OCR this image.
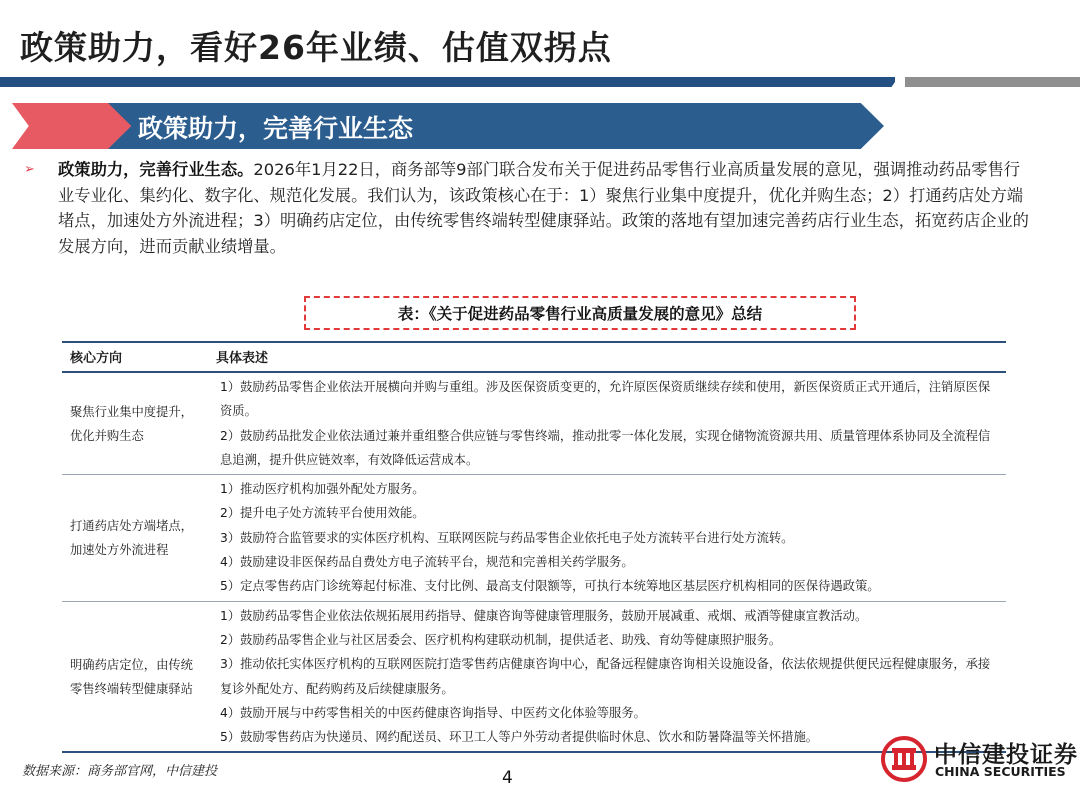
政策助力，看好26年业绩、估值双拐点
政策助力，完善行业生态
➢ 政策助力，完善行业生态。2026年1月22日，商务部等9部门联合发布关于促进药品零售行业高质量发展的意见，强调推动药品零售行业专业化、集约化、数字化、规范化发展。我们认为，该政策核心在于：1）聚焦行业集中度提升，优化并购生态；2）打通药店处方端堵点，加速处方外流进程；3）明确药店定位，由传统零售终端转型健康驿站。政策的落地有望加速完善药店行业生态，拓宽药店企业的发展方向，进而贡献业绩增量。
表：《关于促进药品零售行业高质量发展的意见》总结
核心方向	具体表述
聚焦行业集中度提升，优化并购生态	1）鼓励药品零售企业依法开展横向并购与重组。涉及医保资质变更的，允许原医保资质继续存续和使用，新医保资质正式开通后，注销原医保资质。
2）鼓励药品批发企业依法通过兼并重组整合供应链与零售终端，推动批零一体化发展，实现仓储物流资源共用、质量管理体系协同及全流程信息追溯，提升供应链效率，有效降低运营成本。

打通药店处方端堵点，加速处方外流进程	1）推动医疗机构加强外配处方服务。
2）提升电子处方流转平台使用效能。
3）鼓励符合监管要求的实体医疗机构、互联网医院与药品零售企业依托电子处方流转平台进行处方流转。
4）鼓励建设非医保药品自费处方电子流转平台，规范和完善相关药学服务。
5）定点零售药店门诊统筹起付标准、支付比例、最高支付限额等，可执行本统筹地区基层医疗机构相同的医保待遇政策。

明确药店定位，由传统零售终端转型健康驿站	1）鼓励药品零售企业依法依规拓展用药指导、健康咨询等健康管理服务，鼓励开展减重、戒烟、戒酒等健康宣教活动。
2）鼓励药品零售企业与社区居委会、医疗机构构建联动机制，提供适老、助残、育幼等健康照护服务。
3）推动依托实体医疗机构的互联网医院打造零售药店健康咨询中心，配备远程健康咨询相关设施设备，依法依规提供便民远程健康服务，承接复诊外配处方、配药购药及后续健康服务。
4）鼓励开展与中药零售相关的中医药健康咨询指导、中医药文化体验等服务。
5）鼓励零售药店为快递员、网约配送员、环卫工人等户外劳动者提供临时休息、饮水和防暑降温等关怀措施。
数据来源：商务部官网，中信建投	4
中信建投证券
CHINA SECURITIES
